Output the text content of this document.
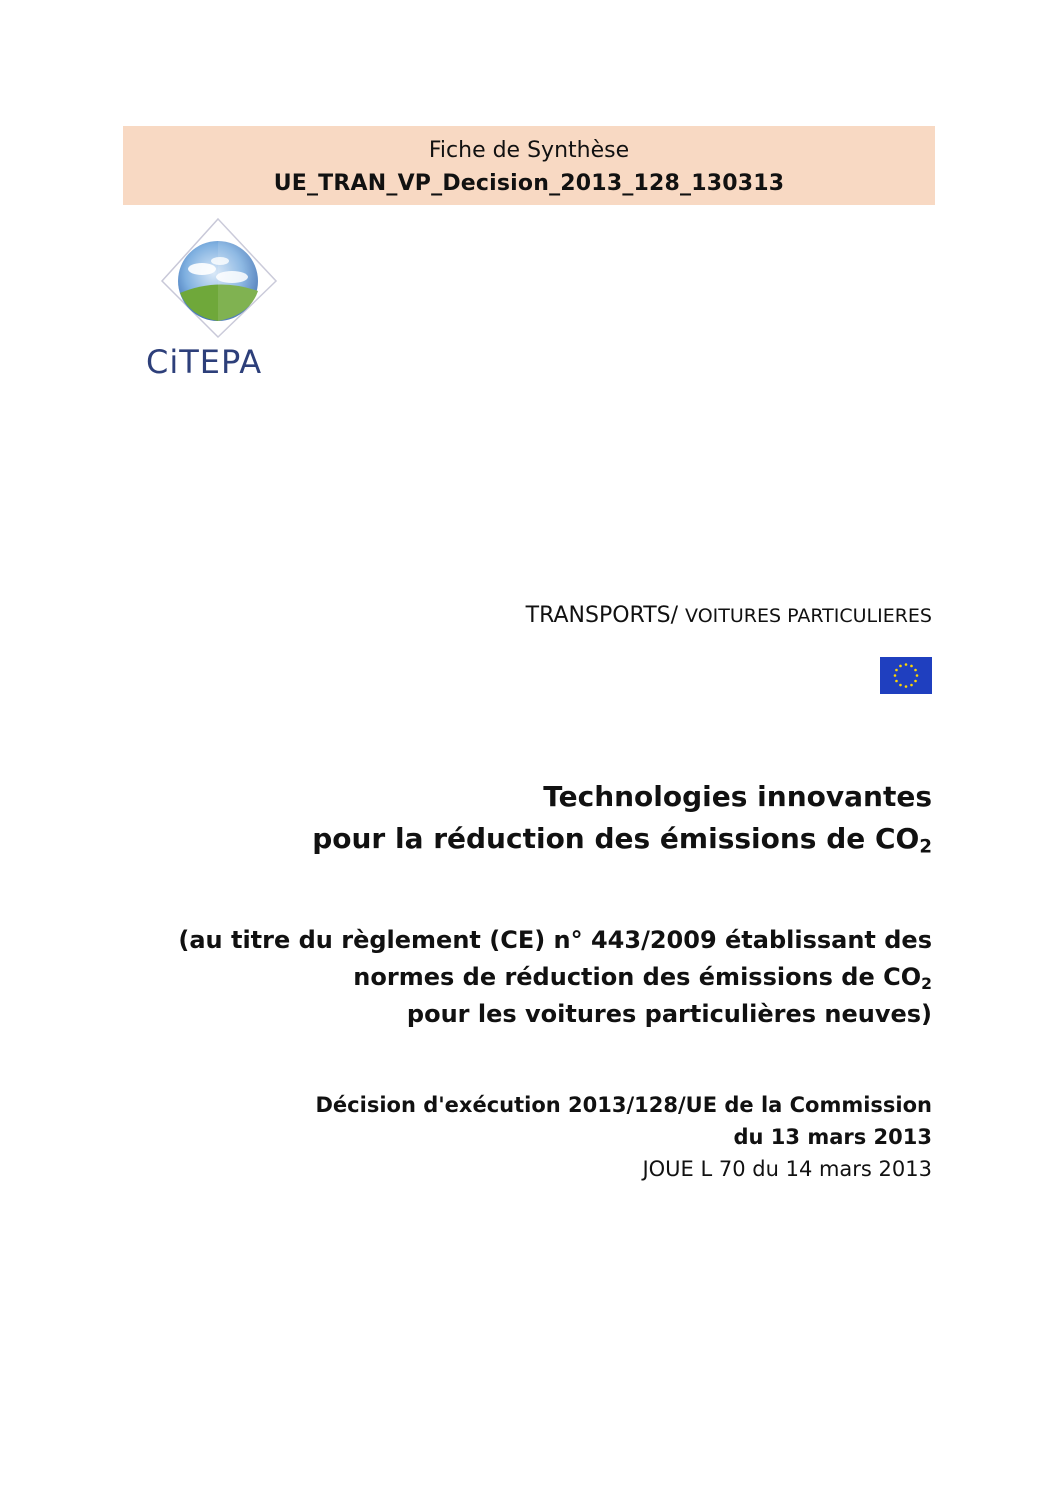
Fiche de Synthèse
UE_TRAN_VP_Decision_2013_128_130313
CiTEPA
TRANSPORTS/ VOITURES PARTICULIERES
Technologies innovantes
pour la réduction des émissions de $CO_2$
(au titre du règlement (CE) n° 443/2009 établissant des
normes de réduction des émissions de $CO_2$
pour les voitures particulières neuves)
Décision d'exécution 2013/128/UE de la Commission
du 13 mars 2013
JOUE L 70 du 14 mars 2013
